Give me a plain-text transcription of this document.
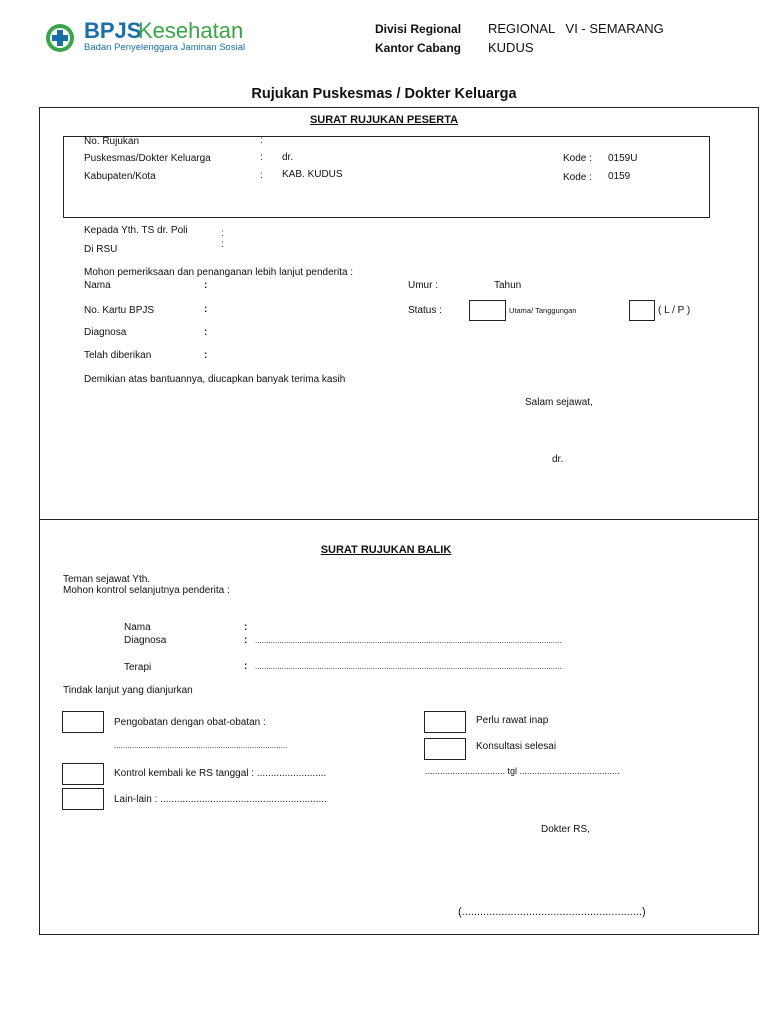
BPJS
Kesehatan
Badan Penyelenggara Jaminan Sosial
Divisi Regional REGIONAL   VI - SEMARANG
Kantor Cabang KUDUS
Rujukan Puskesmas / Dokter Keluarga
SURAT RUJUKAN PESERTA
No. Rujukan	:
Puskesmas/Dokter Keluarga	: dr.	Kode : 0159U
Kabupaten/Kota	: KAB. KUDUS	Kode : 0159
Kepada Yth. TS dr. Poli	:
Di RSU	:
Mohon pemeriksaan dan penanganan lebih lanjut penderita :
Nama	:	Umur :	Tahun
No. Kartu BPJS	:	Status :	Utama/ Tanggungan	( L / P )
Diagnosa	:
Telah diberikan	:
Demikian atas bantuannya, diucapkan banyak terima kasih
Salam sejawat,
dr.
SURAT RUJUKAN BALIK
Teman sejawat Yth.
Mohon kontrol selanjutnya penderita :
Nama	:
Diagnosa	: ..........................................................................................................................................
Terapi	: ..........................................................................................................................................
Tindak lanjut yang dianjurkan
Pengobatan dengan obat-obatan :
..............................................................................
Kontrol kembali ke RS tanggal : .........................
Lain-lain : ............................................................
Perlu rawat inap
Konsultasi selesai
................................ tgl ........................................
Dokter RS,
(...........................................................)
